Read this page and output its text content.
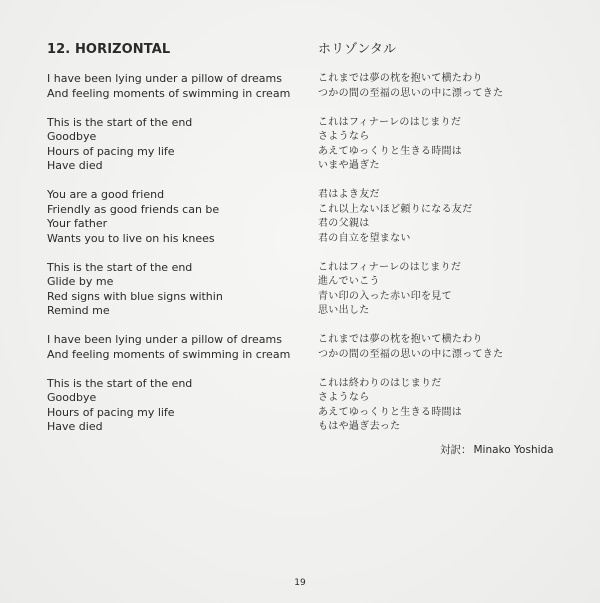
12. HORIZONTAL
I have been lying under a pillow of dreams
And feeling moments of swimming in cream
This is the start of the end
Goodbye
Hours of pacing my life
Have died
You are a good friend
Friendly as good friends can be
Your father
Wants you to live on his knees
This is the start of the end
Glide by me
Red signs with blue signs within
Remind me
I have been lying under a pillow of dreams
And feeling moments of swimming in cream
This is the start of the end
Goodbye
Hours of pacing my life
Have died
ホリゾンタル
これまでは夢の枕を抱いて横たわり
つかの間の至福の思いの中に漂ってきた
これはフィナーレのはじまりだ
さようなら
あえてゆっくりと生きる時間は
いまや過ぎた
君はよき友だ
これ以上ないほど頼りになる友だ
君の父親は
君の自立を望まない
これはフィナーレのはじまりだ
進んでいこう
青い印の入った赤い印を見て
思い出した
これまでは夢の枕を抱いて横たわり
つかの間の至福の思いの中に漂ってきた
これは終わりのはじまりだ
さようなら
あえてゆっくりと生きる時間は
もはや過ぎ去った
対訳： Minako Yoshida
19
